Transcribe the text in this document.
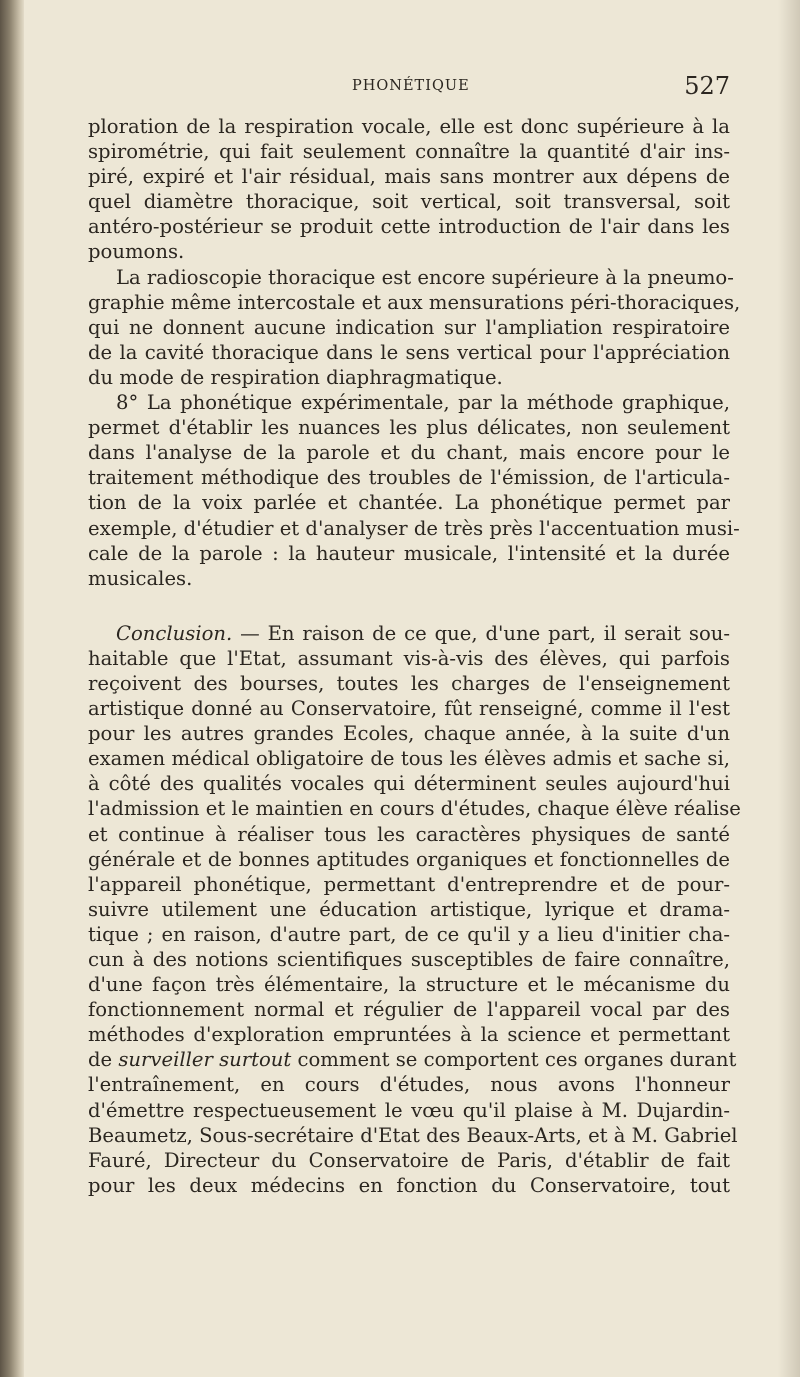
PHONÉTIQUE	527
ploration de la respiration vocale, elle est donc supérieure à la
spirométrie, qui fait seulement connaître la quantité d'air ins-
piré, expiré et l'air résidual, mais sans montrer aux dépens de
quel diamètre thoracique, soit vertical, soit transversal, soit
antéro-postérieur se produit cette introduction de l'air dans les
poumons.
La radioscopie thoracique est encore supérieure à la pneumo-
graphie même intercostale et aux mensurations péri-thoraciques,
qui ne donnent aucune indication sur l'ampliation respiratoire
de la cavité thoracique dans le sens vertical pour l'appréciation
du mode de respiration diaphragmatique.
8° La phonétique expérimentale, par la méthode graphique,
permet d'établir les nuances les plus délicates, non seulement
dans l'analyse de la parole et du chant, mais encore pour le
traitement méthodique des troubles de l'émission, de l'articula-
tion de la voix parlée et chantée. La phonétique permet par
exemple, d'étudier et d'analyser de très près l'accentuation musi-
cale de la parole : la hauteur musicale, l'intensité et la durée
musicales.
Conclusion. — En raison de ce que, d'une part, il serait sou-
haitable que l'Etat, assumant vis-à-vis des élèves, qui parfois
reçoivent des bourses, toutes les charges de l'enseignement
artistique donné au Conservatoire, fût renseigné, comme il l'est
pour les autres grandes Ecoles, chaque année, à la suite d'un
examen médical obligatoire de tous les élèves admis et sache si,
à côté des qualités vocales qui déterminent seules aujourd'hui
l'admission et le maintien en cours d'études, chaque élève réalise
et continue à réaliser tous les caractères physiques de santé
générale et de bonnes aptitudes organiques et fonctionnelles de
l'appareil phonétique, permettant d'entreprendre et de pour-
suivre utilement une éducation artistique, lyrique et drama-
tique ; en raison, d'autre part, de ce qu'il y a lieu d'initier cha-
cun à des notions scientifiques susceptibles de faire connaître,
d'une façon très élémentaire, la structure et le mécanisme du
fonctionnement normal et régulier de l'appareil vocal par des
méthodes d'exploration empruntées à la science et permettant
de surveiller surtout comment se comportent ces organes durant
l'entraînement, en cours d'études, nous avons l'honneur
d'émettre respectueusement le vœu qu'il plaise à M. Dujardin-
Beaumetz, Sous-secrétaire d'Etat des Beaux-Arts, et à M. Gabriel
Fauré, Directeur du Conservatoire de Paris, d'établir de fait
pour les deux médecins en fonction du Conservatoire, tout
